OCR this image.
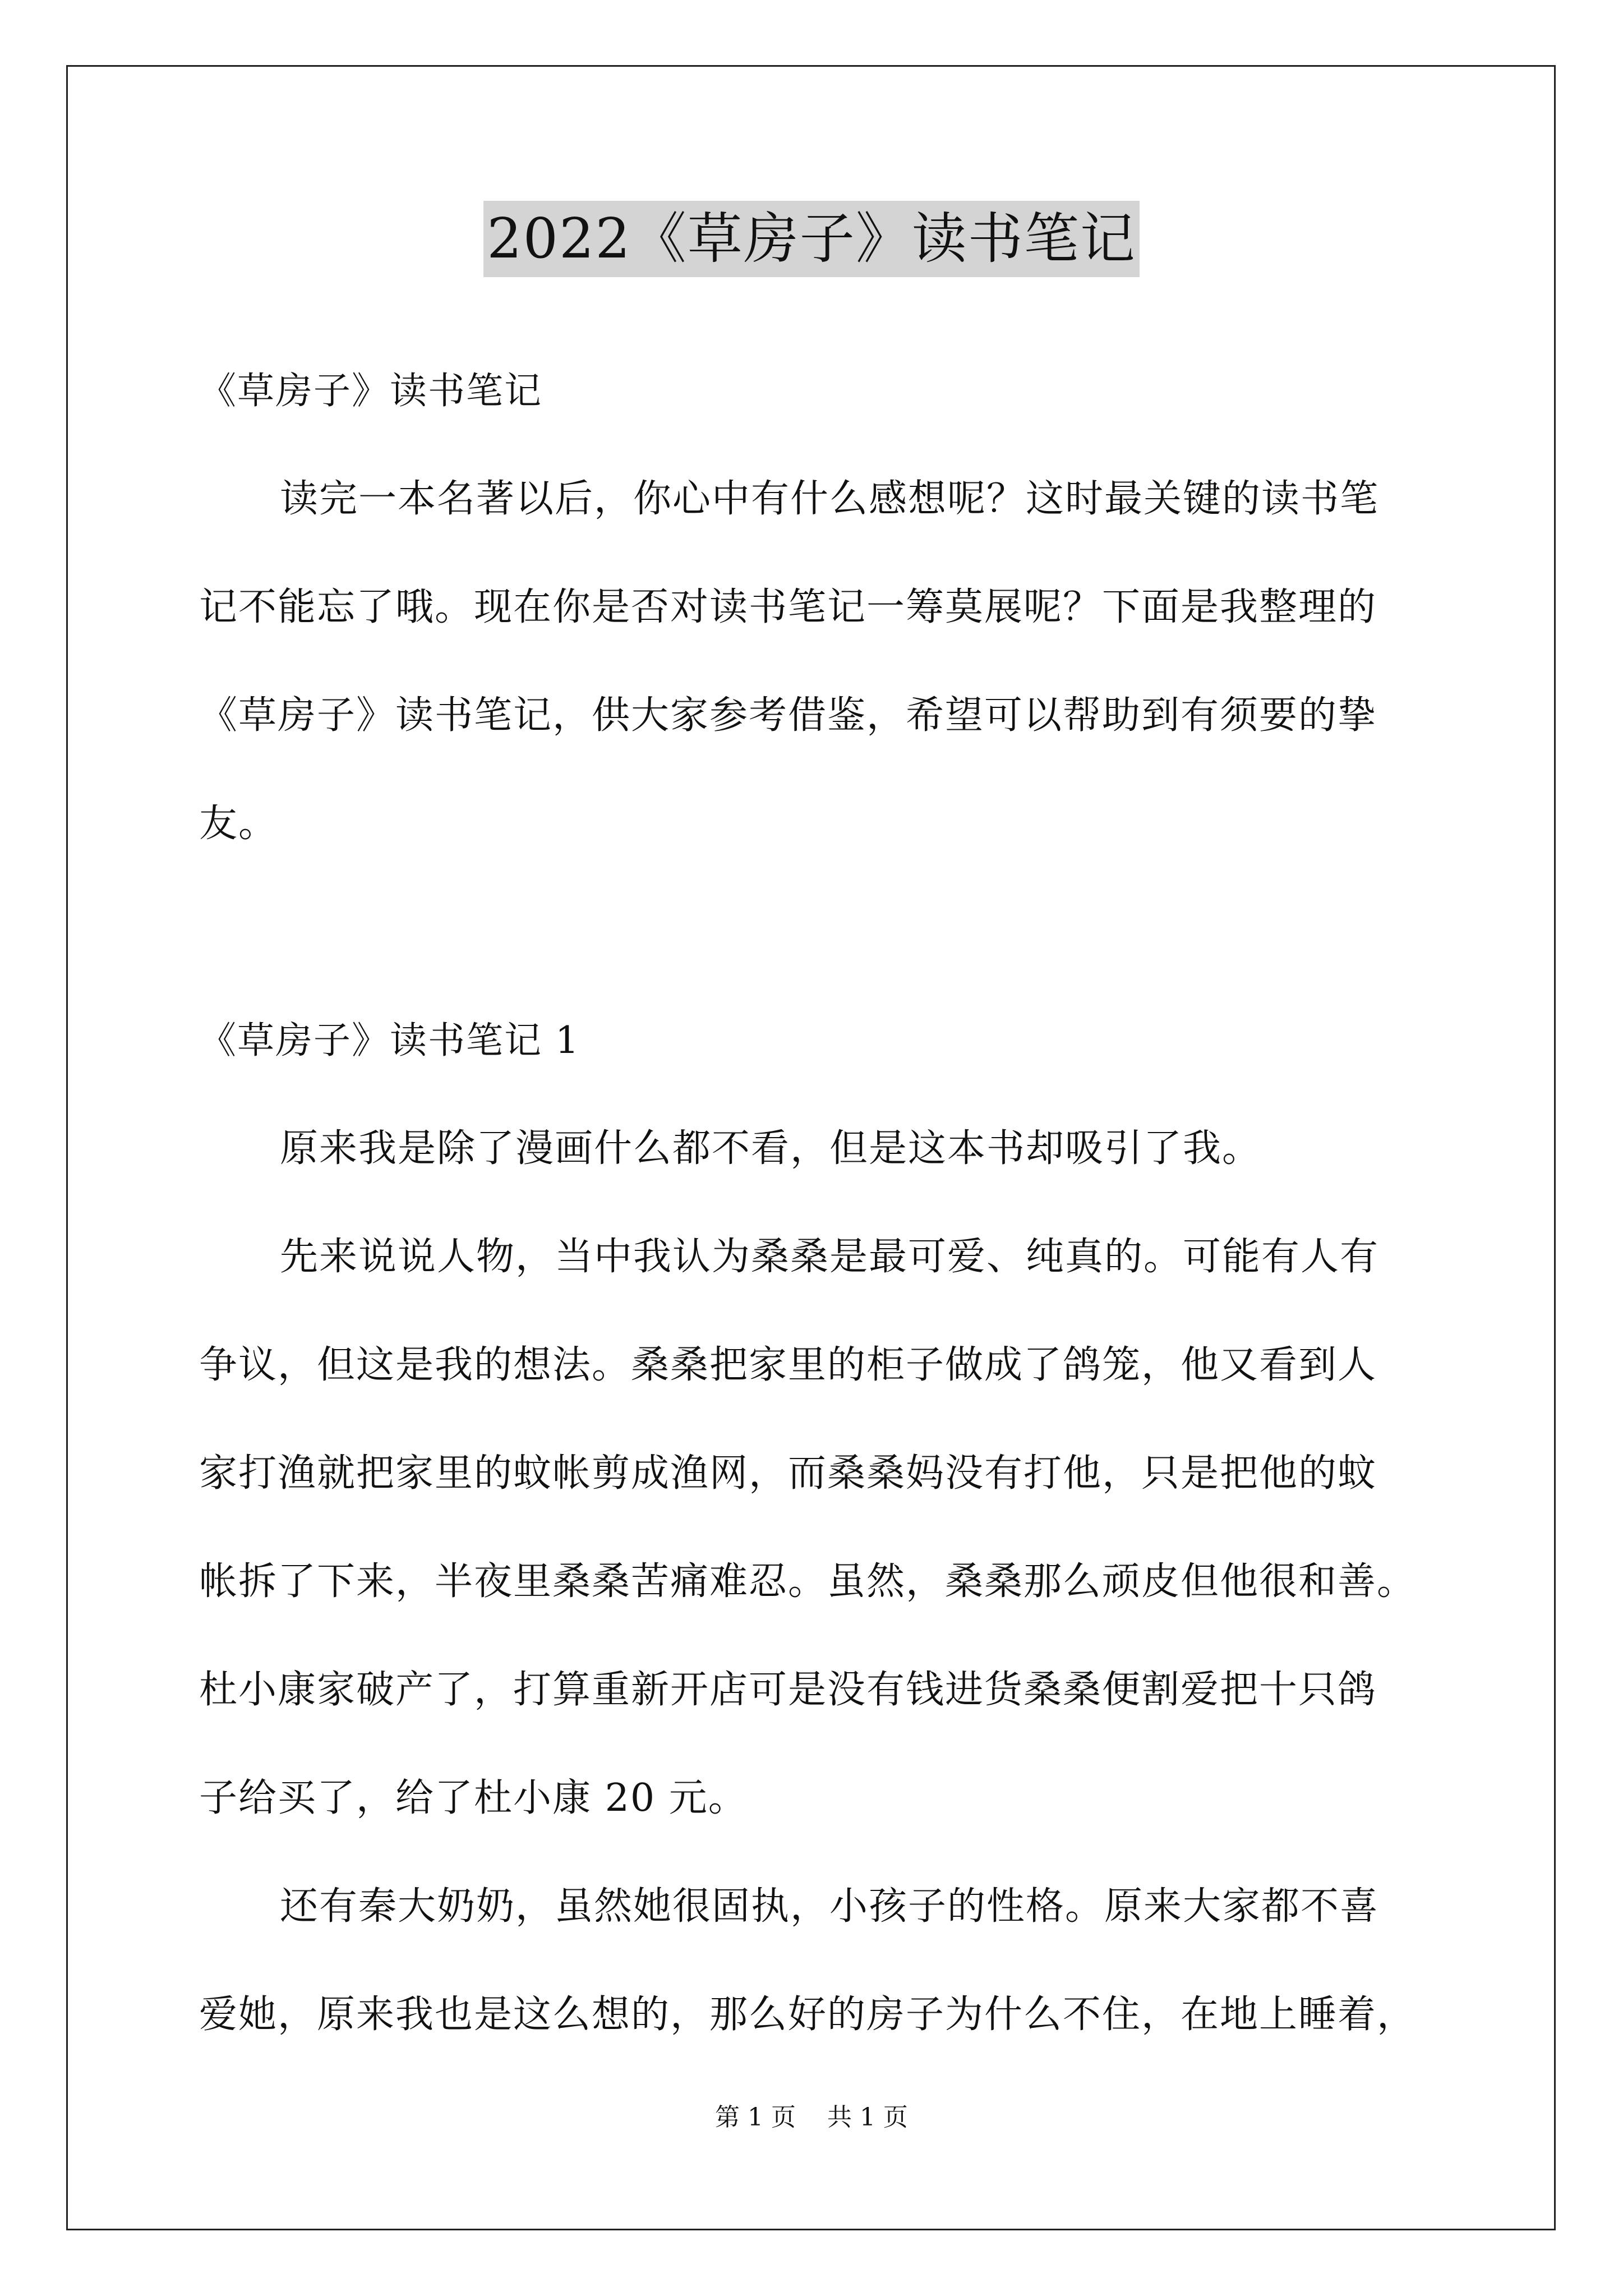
2022《草房子》读书笔记
《草房子》读书笔记
读完一本名著以后，你心中有什么感想呢？这时最关键的读书笔
记不能忘了哦。现在你是否对读书笔记一筹莫展呢？下面是我整理的
《草房子》读书笔记，供大家参考借鉴，希望可以帮助到有须要的挚
友。
《草房子》读书笔记 1
原来我是除了漫画什么都不看，但是这本书却吸引了我。
先来说说人物，当中我认为桑桑是最可爱、纯真的。可能有人有
争议，但这是我的想法。桑桑把家里的柜子做成了鸽笼，他又看到人
家打渔就把家里的蚊帐剪成渔网，而桑桑妈没有打他，只是把他的蚊
帐拆了下来，半夜里桑桑苦痛难忍。虽然，桑桑那么顽皮但他很和善。
杜小康家破产了，打算重新开店可是没有钱进货桑桑便割爱把十只鸽
子给买了，给了杜小康 20 元。
还有秦大奶奶，虽然她很固执，小孩子的性格。原来大家都不喜
爱她，原来我也是这么想的，那么好的房子为什么不住，在地上睡着，
第 1 页    共 1 页
